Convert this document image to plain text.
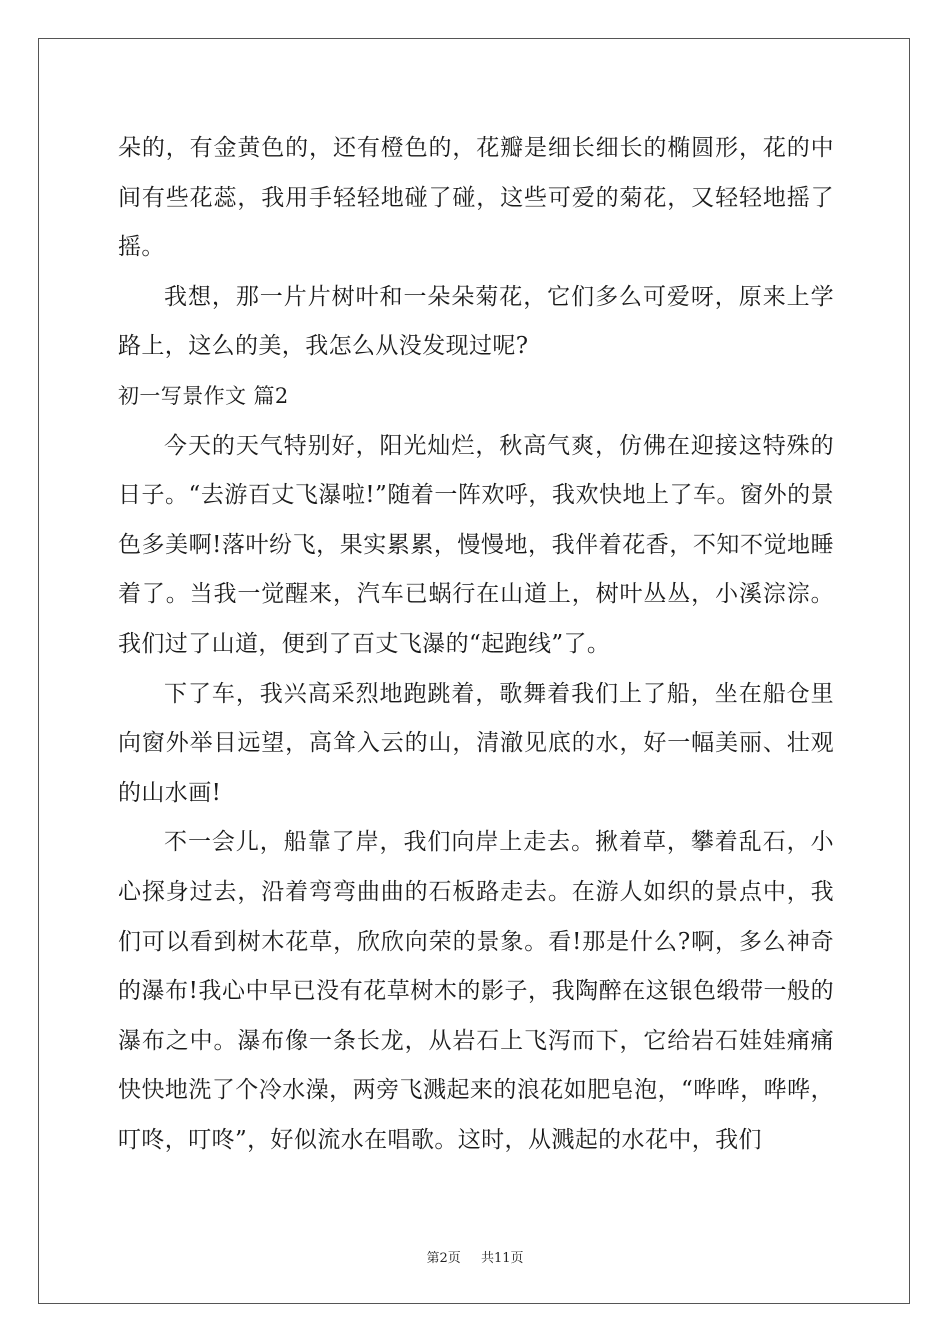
朵的，有金黄色的，还有橙色的，花瓣是细长细长的椭圆形，花的中间有些花蕊，我用手轻轻地碰了碰，这些可爱的菊花，又轻轻地摇了摇。

我想，那一片片树叶和一朵朵菊花，它们多么可爱呀，原来上学路上，这么的美，我怎么从没发现过呢?

初一写景作文 篇2

今天的天气特别好，阳光灿烂，秋高气爽，仿佛在迎接这特殊的日子。“去游百丈飞瀑啦!”随着一阵欢呼，我欢快地上了车。窗外的景色多美啊!落叶纷飞，果实累累，慢慢地，我伴着花香，不知不觉地睡着了。当我一觉醒来，汽车已蜗行在山道上，树叶丛丛，小溪淙淙。我们过了山道，便到了百丈飞瀑的“起跑线”了。

下了车，我兴高采烈地跑跳着，歌舞着我们上了船，坐在船仓里向窗外举目远望，高耸入云的山，清澈见底的水，好一幅美丽、壮观的山水画!

不一会儿，船靠了岸，我们向岸上走去。揪着草，攀着乱石，小心探身过去，沿着弯弯曲曲的石板路走去。在游人如织的景点中，我们可以看到树木花草，欣欣向荣的景象。看!那是什么?啊，多么神奇的瀑布!我心中早已没有花草树木的影子，我陶醉在这银色缎带一般的瀑布之中。瀑布像一条长龙，从岩石上飞泻而下，它给岩石娃娃痛痛快快地洗了个冷水澡，两旁飞溅起来的浪花如肥皂泡，“哗哗，哗哗，叮咚，叮咚”，好似流水在唱歌。这时，从溅起的水花中，我们

第2页 共11页
